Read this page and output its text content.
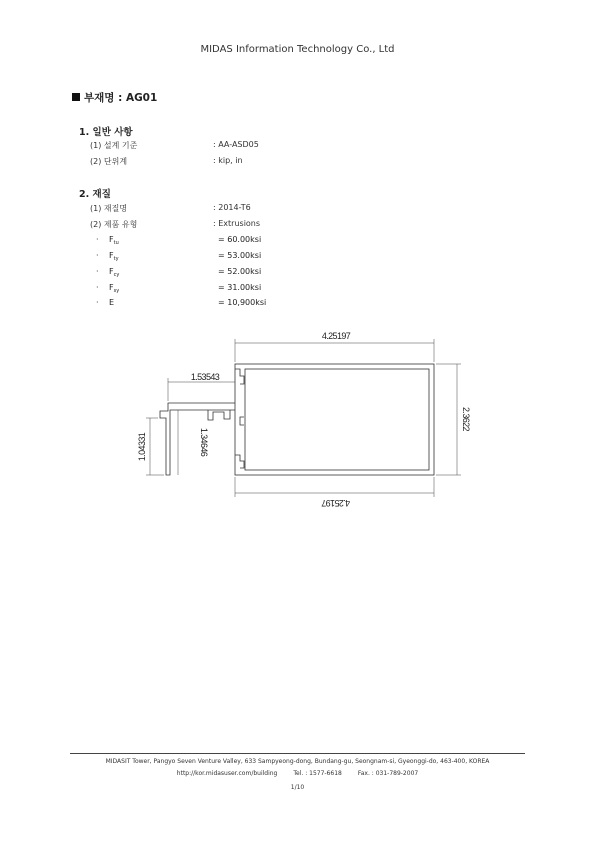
MIDAS Information Technology Co., Ltd
부재명 : AG01
1. 일반 사항
(1) 설계 기준	: AA-ASD05
(2) 단위계	: kip, in
2. 재질
(1) 재질명	: 2014-T6
(2) 제품 유형	: Extrusions
· $F_{tu}$	= 60.00ksi
· $F_{ty}$	= 53.00ksi
· $F_{cy}$	= 52.00ksi
· $F_{sy}$	= 31.00ksi
· E	= 10,900ksi
4.25197
4.25197
2.3622
1.53543
1.04331	1.34646
MIDASIT Tower, Pangyo Seven Venture Valley, 633 Sampyeong-dong, Bundang-gu, Seongnam-si, Gyeonggi-do, 463-400, KOREA
http://kor.midasuser.com/building	Tel. : 1577-6618	Fax. : 031-789-2007
1/10
